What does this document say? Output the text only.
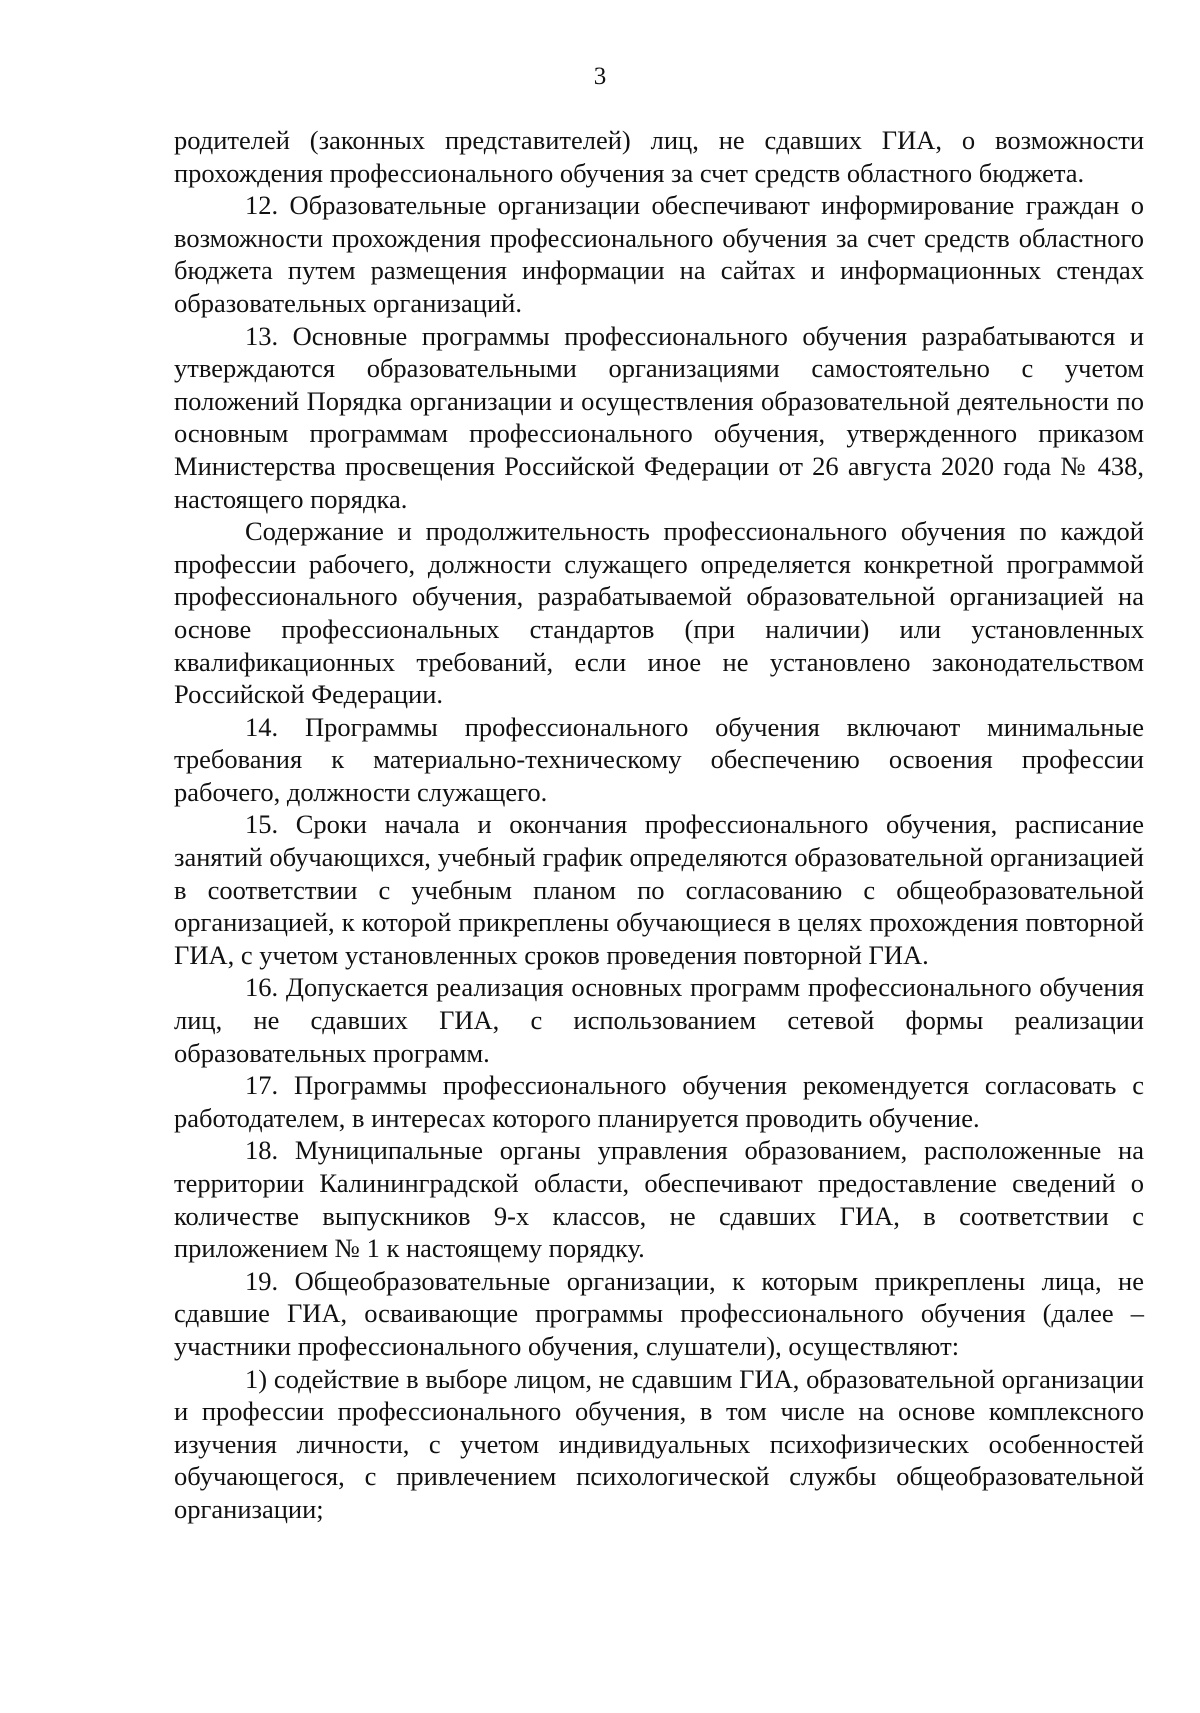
3

родителей (законных представителей) лиц, не сдавших ГИА, о возможности прохождения профессионального обучения за счет средств областного бюджета.

12. Образовательные организации обеспечивают информирование граждан о возможности прохождения профессионального обучения за счет средств областного бюджета путем размещения информации на сайтах и информационных стендах образовательных организаций.

13. Основные программы профессионального обучения разрабатываются и утверждаются образовательными организациями самостоятельно с учетом положений Порядка организации и осуществления образовательной деятельности по основным программам профессионального обучения, утвержденного приказом Министерства просвещения Российской Федерации от 26 августа 2020 года № 438, настоящего порядка.

Содержание и продолжительность профессионального обучения по каждой профессии рабочего, должности служащего определяется конкретной программой профессионального обучения, разрабатываемой образовательной организацией на основе профессиональных стандартов (при наличии) или установленных квалификационных требований, если иное не установлено законодательством Российской Федерации.

14. Программы профессионального обучения включают минимальные требования к материально-техническому обеспечению освоения профессии рабочего, должности служащего.

15. Сроки начала и окончания профессионального обучения, расписание занятий обучающихся, учебный график определяются образовательной организацией в соответствии с учебным планом по согласованию с общеобразовательной организацией, к которой прикреплены обучающиеся в целях прохождения повторной ГИА, с учетом установленных сроков проведения повторной ГИА.

16. Допускается реализация основных программ профессионального обучения лиц, не сдавших ГИА, с использованием сетевой формы реализации образовательных программ.

17. Программы профессионального обучения рекомендуется согласовать с работодателем, в интересах которого планируется проводить обучение.

18. Муниципальные органы управления образованием, расположенные на территории Калининградской области, обеспечивают предоставление сведений о количестве выпускников 9-х классов, не сдавших ГИА, в соответствии с приложением № 1 к настоящему порядку.

19. Общеобразовательные организации, к которым прикреплены лица, не сдавшие ГИА, осваивающие программы профессионального обучения (далее – участники профессионального обучения, слушатели), осуществляют:

1) содействие в выборе лицом, не сдавшим ГИА, образовательной организации и профессии профессионального обучения, в том числе на основе комплексного изучения личности, с учетом индивидуальных психофизических особенностей обучающегося, с привлечением психологической службы общеобразовательной организации;
